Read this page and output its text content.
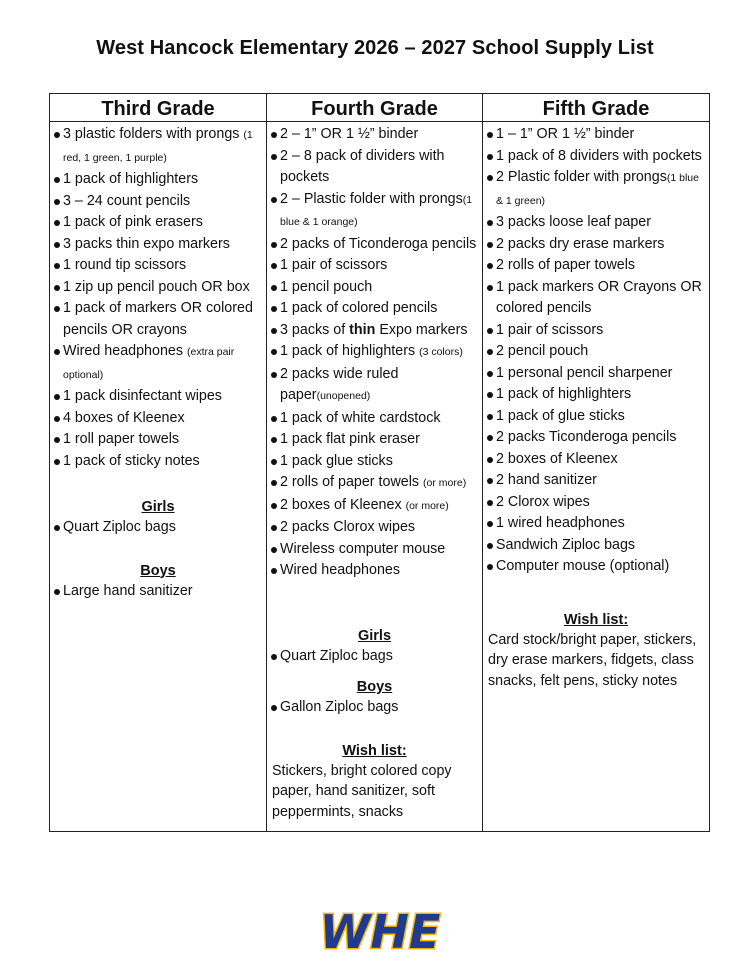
West Hancock Elementary 2026 – 2027 School Supply List
Third Grade
3 plastic folders with prongs (1 red, 1 green, 1 purple)
1 pack of highlighters
3 – 24 count pencils
1 pack of pink erasers
3 packs thin expo markers
1 round tip scissors
1 zip up pencil pouch OR box
1 pack of markers OR colored pencils OR crayons
Wired headphones (extra pair optional)
1 pack disinfectant wipes
4 boxes of Kleenex
1 roll paper towels
1 pack of sticky notes
Girls
Quart Ziploc bags
Boys
Large hand sanitizer
Fourth Grade
2 – 1” OR 1 ½” binder
2 – 8 pack of dividers with pockets
2 – Plastic folder with prongs(1 blue & 1 orange)
2 packs of Ticonderoga pencils
1 pair of scissors
1 pencil pouch
1 pack of colored pencils
3 packs of thin Expo markers
1 pack of highlighters (3 colors)
2 packs wide ruled paper(unopened)
1 pack of white cardstock
1 pack flat pink eraser
1 pack glue sticks
2 rolls of paper towels (or more)
2 boxes of Kleenex (or more)
2 packs Clorox wipes
Wireless computer mouse
Wired headphones
Girls
Quart Ziploc bags
Boys
Gallon Ziploc bags
Wish list:
Stickers, bright colored copy paper, hand sanitizer, soft peppermints, snacks
Fifth Grade
1 – 1” OR 1 ½” binder
1 pack of 8 dividers with pockets
2 Plastic folder with prongs(1 blue & 1 green)
3 packs loose leaf paper
2 packs dry erase markers
2 rolls of paper towels
1 pack markers OR Crayons OR colored pencils
1 pair of scissors
2 pencil pouch
1 personal pencil sharpener
1 pack of highlighters
1 pack of glue sticks
2 packs Ticonderoga pencils
2 boxes of Kleenex
2 hand sanitizer
2 Clorox wipes
1 wired headphones
Sandwich Ziploc bags
Computer mouse (optional)
Wish list:
Card stock/bright paper, stickers, dry erase markers, fidgets, class snacks, felt pens, sticky notes
WHE
